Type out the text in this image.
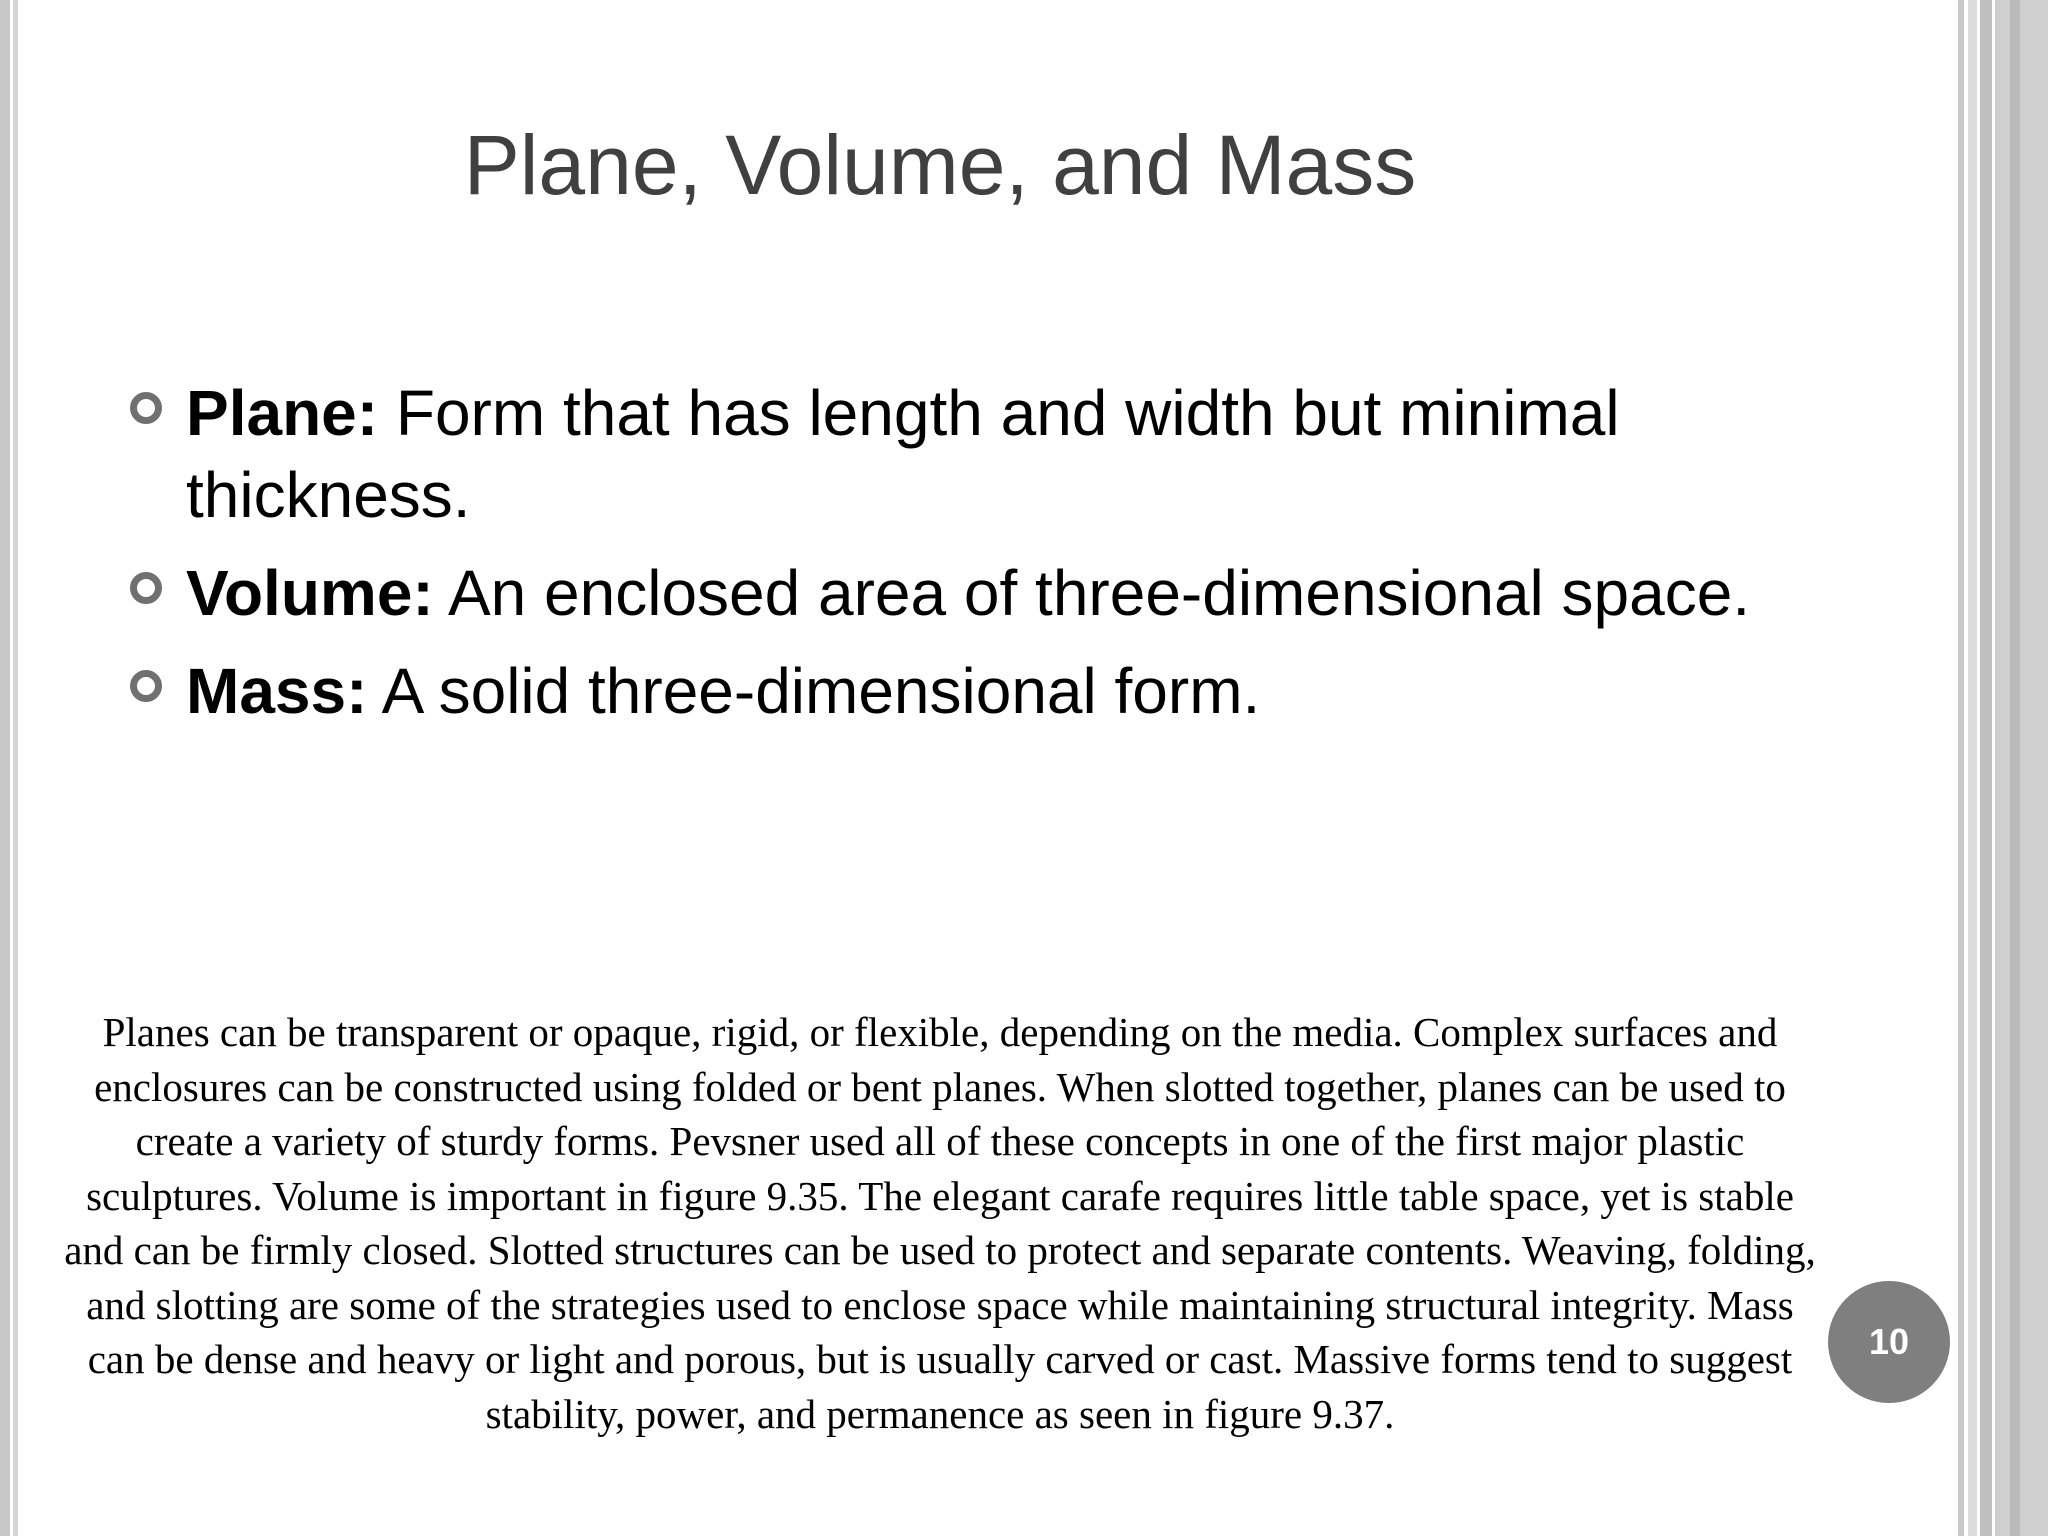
Plane, Volume, and Mass
Plane: Form that has length and width but minimal thickness.
Volume: An enclosed area of three-dimensional space.
Mass: A solid three-dimensional form.

Planes can be transparent or opaque, rigid, or flexible, depending on the media. Complex surfaces and enclosures can be constructed using folded or bent planes. When slotted together, planes can be used to create a variety of sturdy forms. Pevsner used all of these concepts in one of the first major plastic sculptures. Volume is important in figure 9.35. The elegant carafe requires little table space, yet is stable and can be firmly closed. Slotted structures can be used to protect and separate contents. Weaving, folding, and slotting are some of the strategies used to enclose space while maintaining structural integrity. Mass can be dense and heavy or light and porous, but is usually carved or cast. Massive forms tend to suggest stability, power, and permanence as seen in figure 9.37.

10
